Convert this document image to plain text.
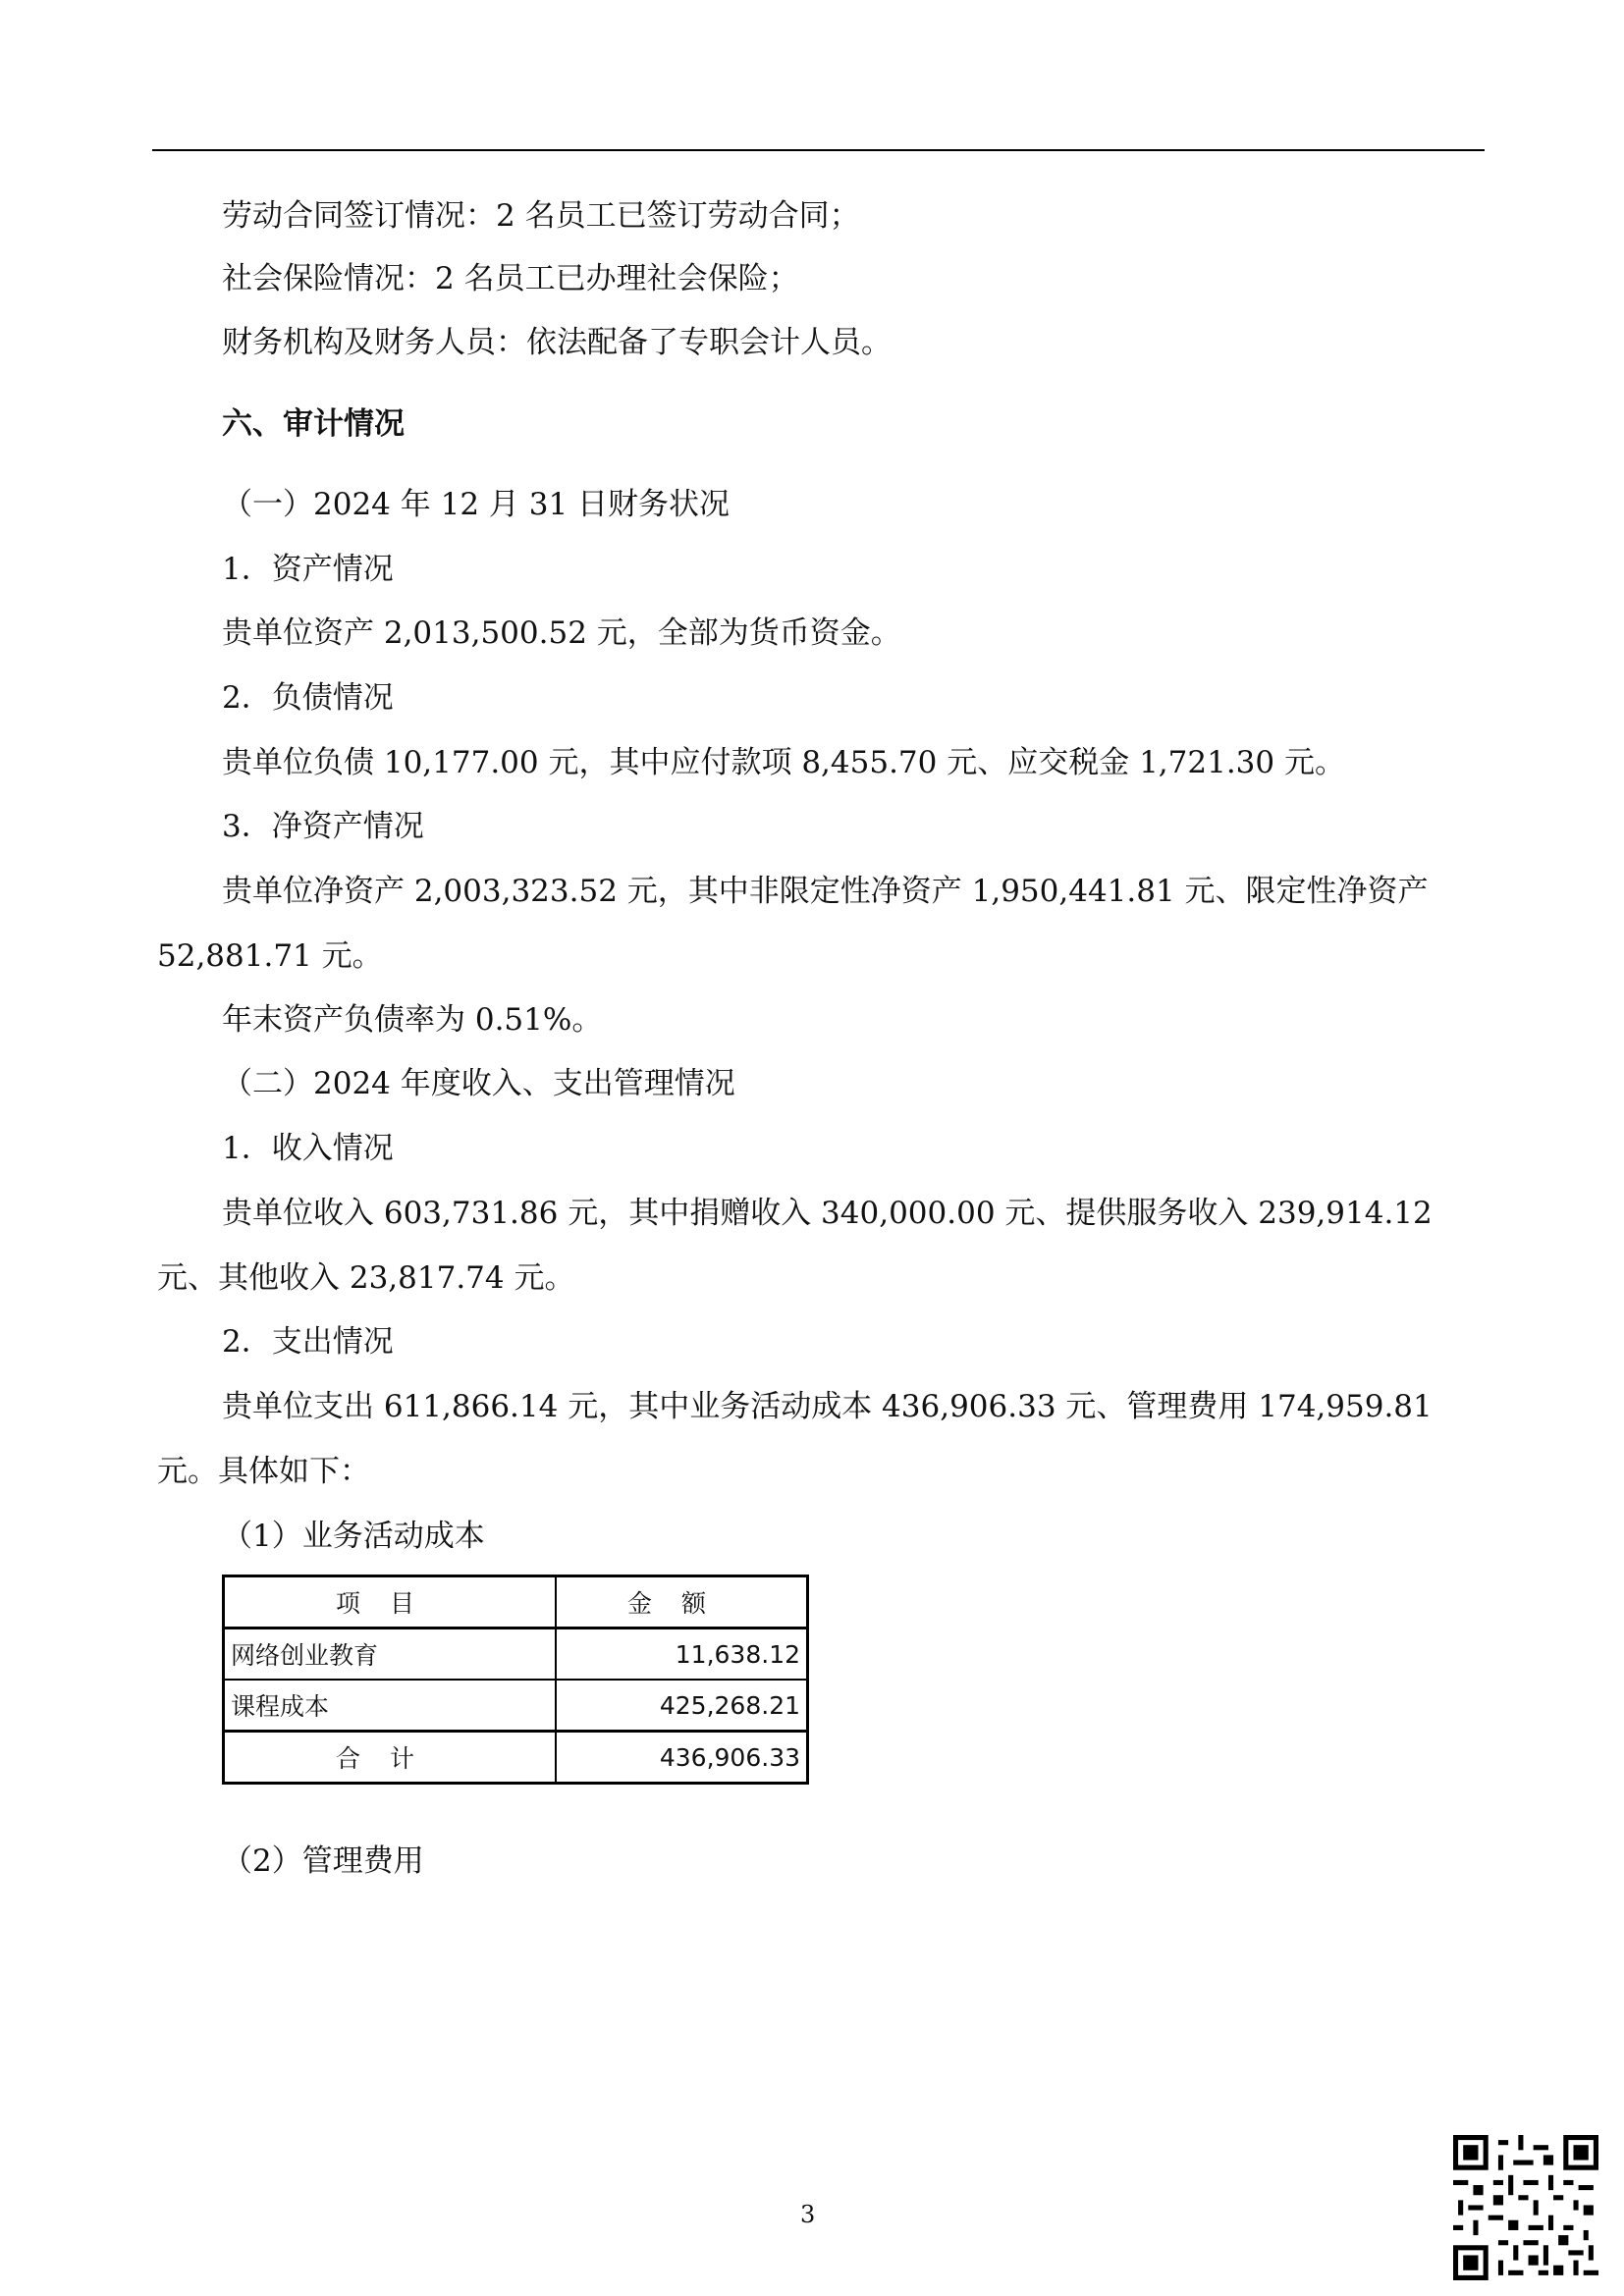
劳动合同签订情况：2 名员工已签订劳动合同；
社会保险情况：2 名员工已办理社会保险；
财务机构及财务人员：依法配备了专职会计人员。
六、审计情况
（一）2024 年 12 月 31 日财务状况
1．资产情况
贵单位资产 2,013,500.52 元，全部为货币资金。
2．负债情况
贵单位负债 10,177.00 元，其中应付款项 8,455.70 元、应交税金 1,721.30 元。
3．净资产情况
贵单位净资产 2,003,323.52 元，其中非限定性净资产 1,950,441.81 元、限定性净资产 52,881.71 元。
年末资产负债率为 0.51%。
（二）2024 年度收入、支出管理情况
1．收入情况
贵单位收入 603,731.86 元，其中捐赠收入 340,000.00 元、提供服务收入 239,914.12 元、其他收入 23,817.74 元。
2．支出情况
贵单位支出 611,866.14 元，其中业务活动成本 436,906.33 元、管理费用 174,959.81 元。具体如下：
（1）业务活动成本
项目	金额
网络创业教育	11,638.12
课程成本	425,268.21
合计	436,906.33
（2）管理费用
3
